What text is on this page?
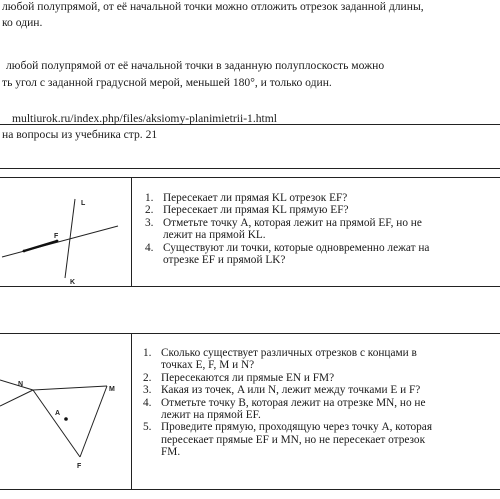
любой полупрямой, от её начальной точки можно отложить отрезок заданной длины,
ко один.
любой полупрямой от её начальной точки в заданную полуплоскость можно
ть угол с заданной градусной мерой, меньшей 180°, и только один.
multiurok.ru/index.php/files/aksiomy-planimietrii-1.html
на вопросы из учебника стр. 21
L
F
K
1. Пересекает ли прямая KL отрезок EF?
2. Пересекает ли прямая KL прямую EF?
3. Отметьте точку A, которая лежит на прямой EF, но не
лежит на прямой KL.
4. Существуют ли точки, которые одновременно лежат на
отрезке EF и прямой LK?
N
M
A
F
1. Сколько существует различных отрезков с концами в
точках E, F, M и N?
2. Пересекаются ли прямые EN и FM?
3. Какая из точек, A или N, лежит между точками E и F?
4. Отметьте точку B, которая лежит на отрезке MN, но не
лежит на прямой EF.
5. Проведите прямую, проходящую через точку A, которая
пересекает прямые EF и MN, но не пересекает отрезок
FM.
